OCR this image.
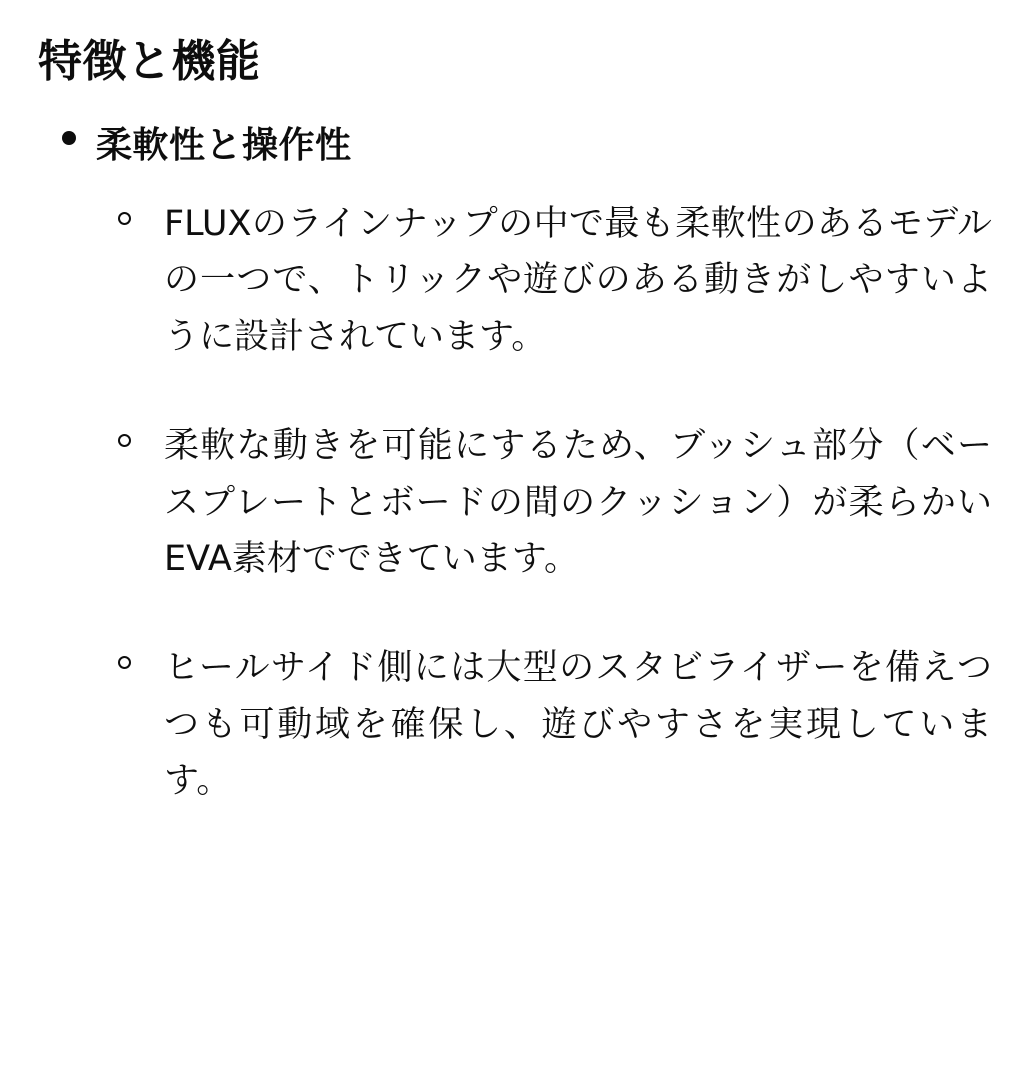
特徴と機能
柔軟性と操作性
FLUXのラインナップの中で最も柔軟性のあるモデルの一つで、トリックや遊びのある動きがしやすいように設計されています。
柔軟な動きを可能にするため、ブッシュ部分（ベースプレートとボードの間のクッション）が柔らかいEVA素材でできています。
ヒールサイド側には大型のスタビライザーを備えつつも可動域を確保し、遊びやすさを実現しています。
